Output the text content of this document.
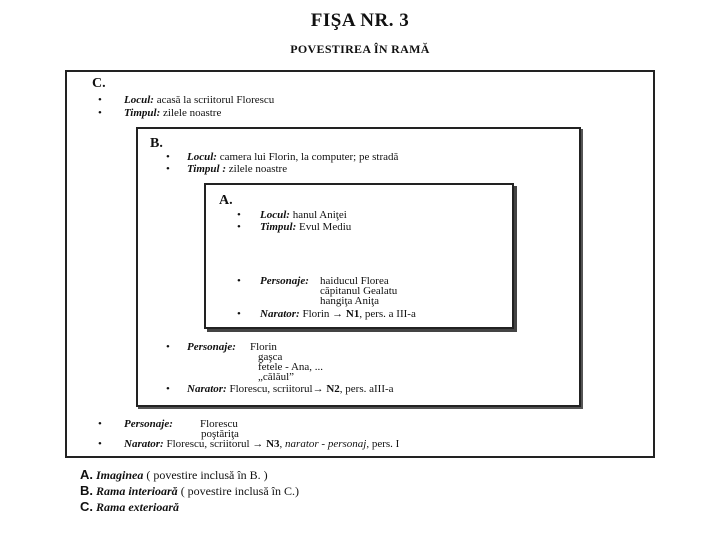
FIŞA NR. 3
POVESTIREA ÎN RAMĂ
C.
• Locul: acasă la scriitorul Florescu
• Timpul: zilele noastre
B.
• Locul: camera lui Florin, la computer; pe stradă
• Timpul : zilele noastre
A.
• Locul: hanul Aniţei
• Timpul: Evul Mediu
• Personaje: haiducul Florea
căpitanul Gealatu
hangiţa Aniţa
• Narator: Florin → N1, pers. a III-a
• Personaje: Florin
gaşca
fetele - Ana, ...
„călăul”
• Narator: Florescu, scriitorul→ N2, pers. aIII-a
• Personaje: Florescu
poştăriţa
• Narator: Florescu, scriitorul → N3, narator - personaj, pers. I
A. Imaginea ( povestire inclusă în B. )
B. Rama interioară ( povestire inclusă în C.)
C. Rama exterioară
